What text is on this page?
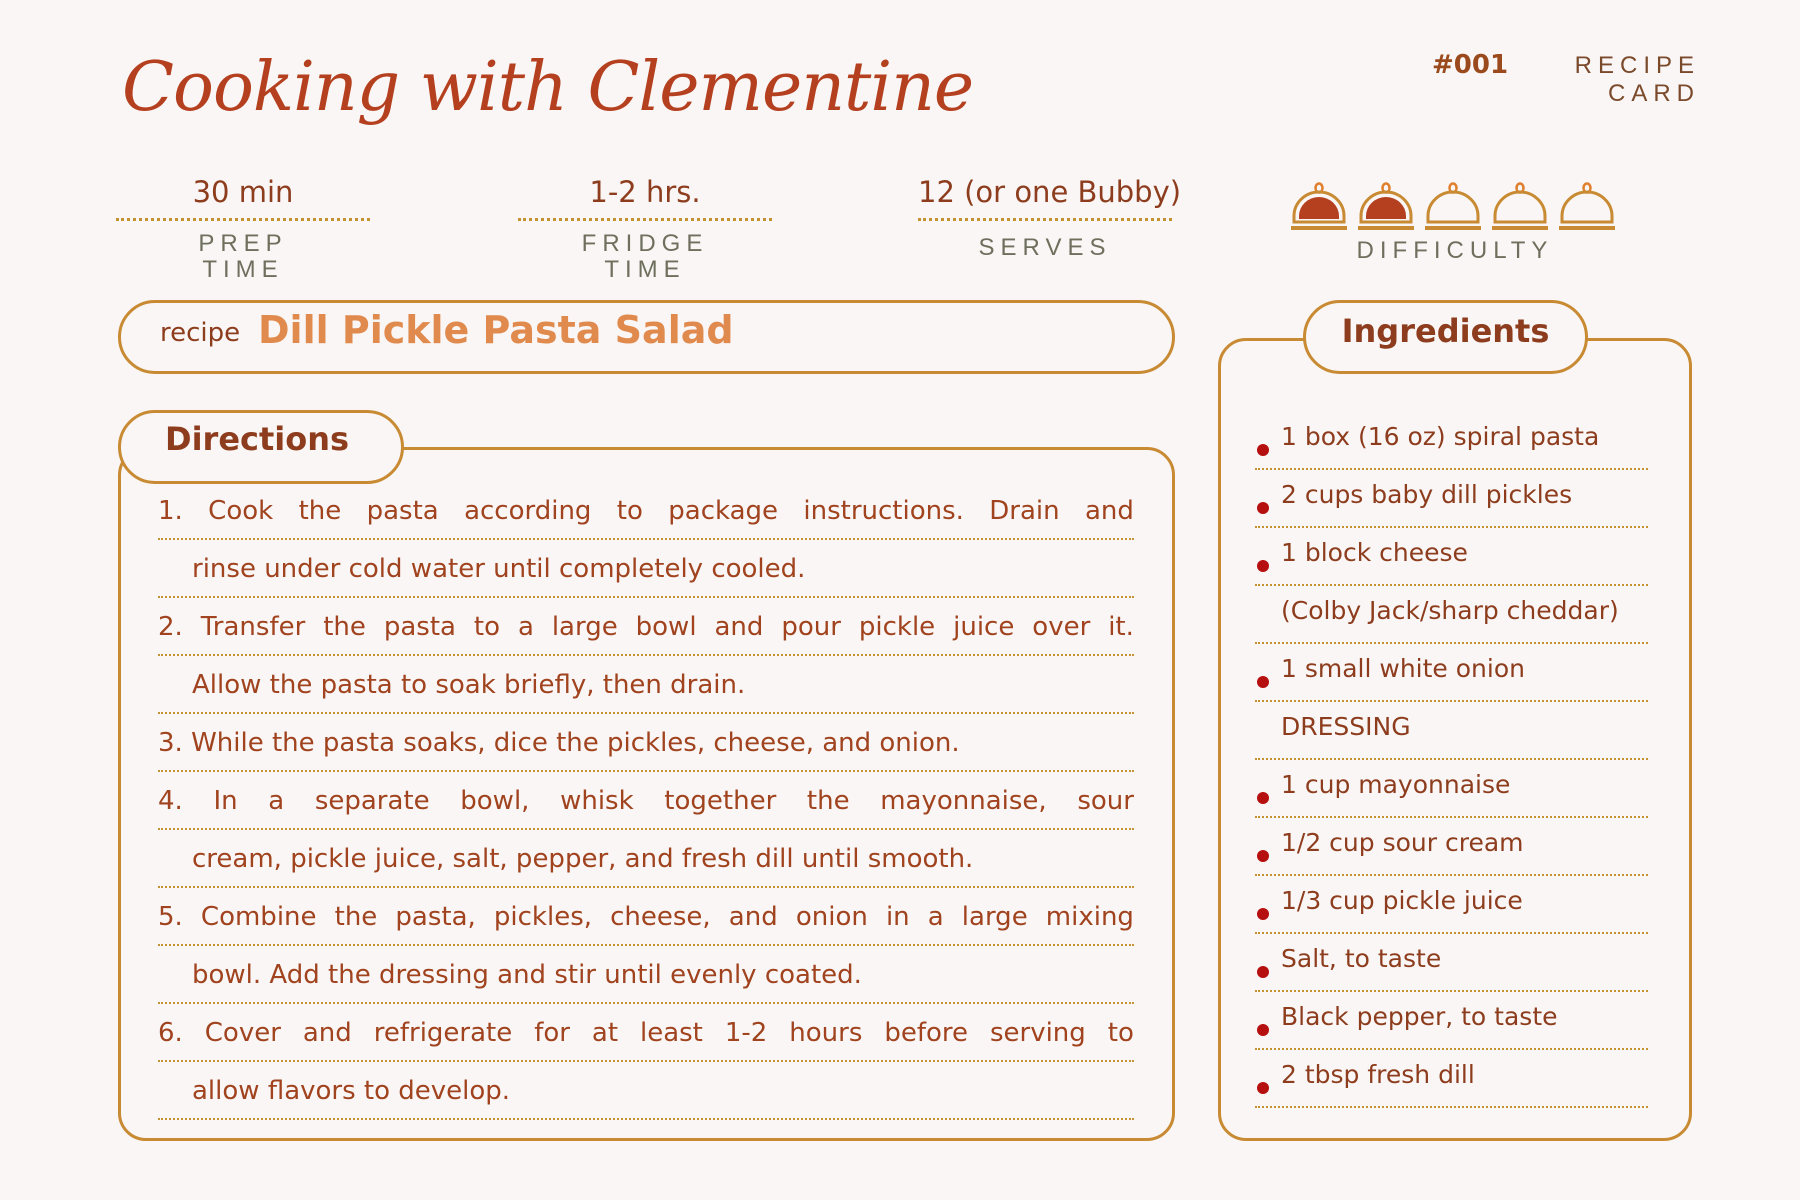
Cooking with Clementine	#001	RECIPE
CARD
30 min
PREP
TIME
1-2 hrs.
FRIDGE
TIME
12 (or one Bubby)
SERVES	DIFFICULTY
recipe Dill Pickle Pasta Salad
Directions
1. Cook the pasta according to package instructions. Drain and
rinse under cold water until completely cooled.
2. Transfer the pasta to a large bowl and pour pickle juice over it.
Allow the pasta to soak briefly, then drain.
3. While the pasta soaks, dice the pickles, cheese, and onion.
4. In a separate bowl, whisk together the mayonnaise, sour
cream, pickle juice, salt, pepper, and fresh dill until smooth.
5. Combine the pasta, pickles, cheese, and onion in a large mixing
bowl. Add the dressing and stir until evenly coated.
6. Cover and refrigerate for at least 1-2 hours before serving to
allow flavors to develop.
Ingredients
1 box (16 oz) spiral pasta
2 cups baby dill pickles
1 block cheese
(Colby Jack/sharp cheddar)
1 small white onion
DRESSING
1 cup mayonnaise
1/2 cup sour cream
1/3 cup pickle juice
Salt, to taste
Black pepper, to taste
2 tbsp fresh dill
